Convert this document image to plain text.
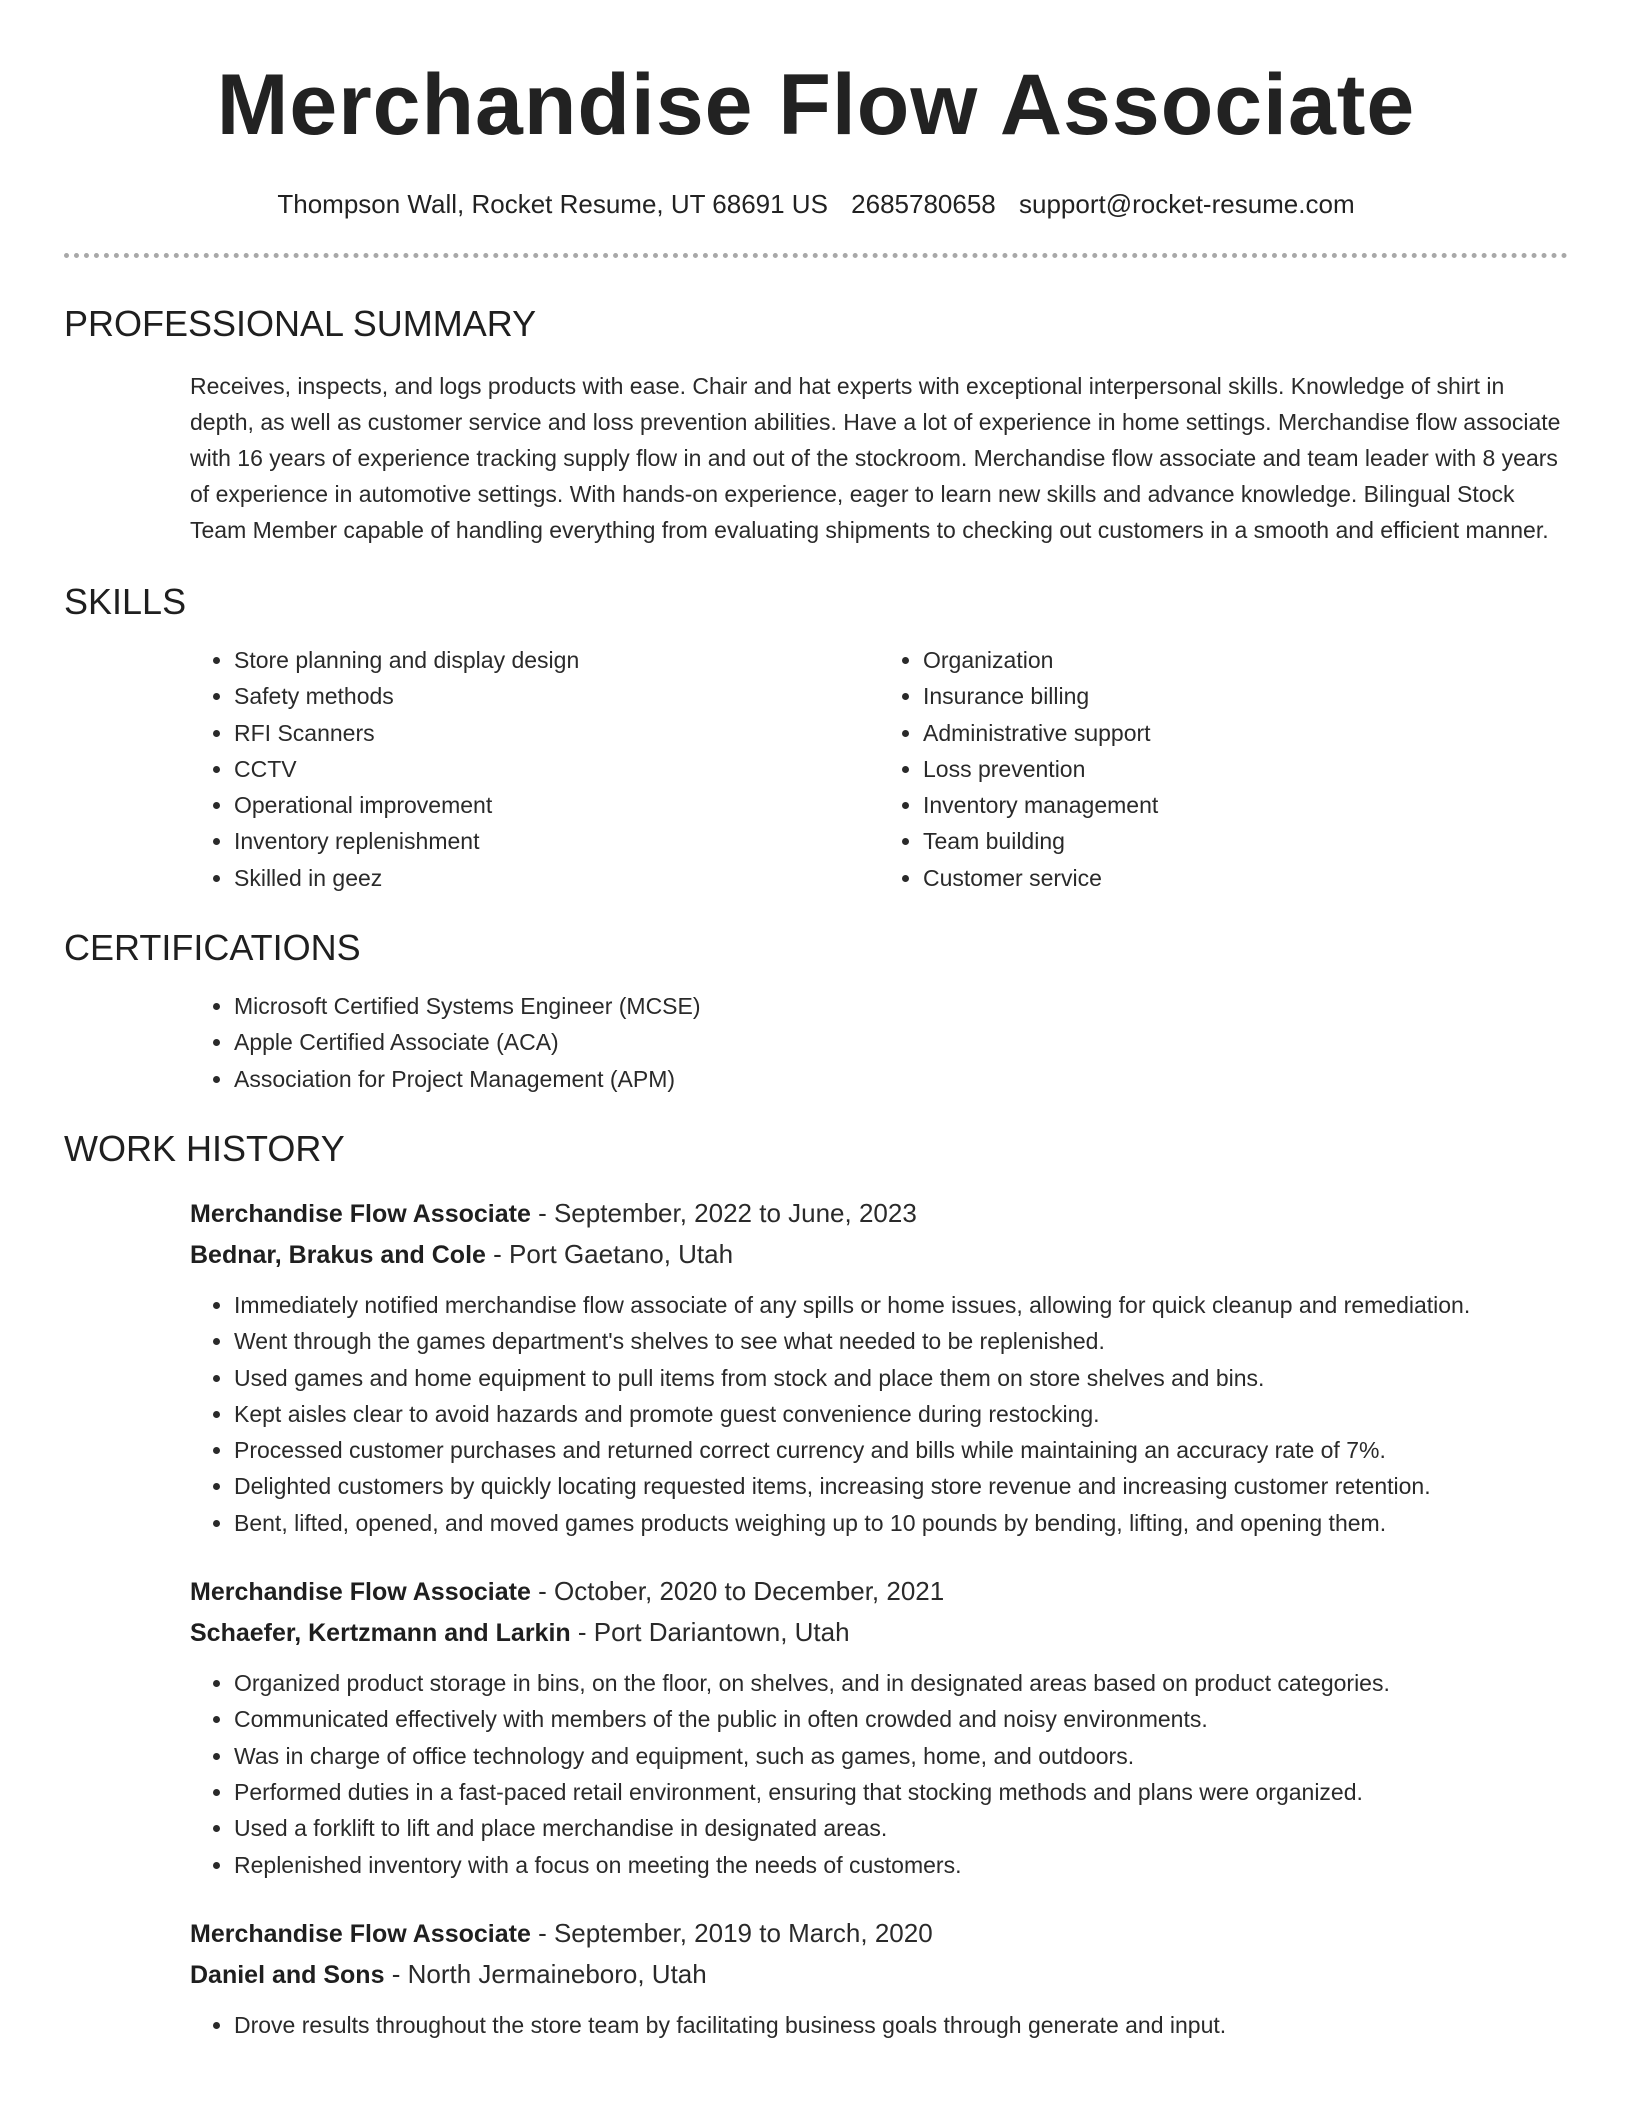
Merchandise Flow Associate
Thompson Wall, Rocket Resume, UT 68691 US 2685780658 support@rocket-resume.com
PROFESSIONAL SUMMARY

Receives, inspects, and logs products with ease. Chair and hat experts with exceptional interpersonal skills. Knowledge of shirt in depth, as well as customer service and loss prevention abilities. Have a lot of experience in home settings. Merchandise flow associate with 16 years of experience tracking supply flow in and out of the stockroom. Merchandise flow associate and team leader with 8 years of experience in automotive settings. With hands-on experience, eager to learn new skills and advance knowledge. Bilingual Stock Team Member capable of handling everything from evaluating shipments to checking out customers in a smooth and efficient manner.

SKILLS
• Store planning and display design
• Safety methods
• RFI Scanners
• CCTV
• Operational improvement
• Inventory replenishment
• Skilled in geez
• Organization
• Insurance billing
• Administrative support
• Loss prevention
• Inventory management
• Team building
• Customer service
CERTIFICATIONS
• Microsoft Certified Systems Engineer (MCSE)
• Apple Certified Associate (ACA)
• Association for Project Management (APM)
WORK HISTORY
Merchandise Flow Associate - September, 2022 to June, 2023
Bednar, Brakus and Cole - Port Gaetano, Utah
• Immediately notified merchandise flow associate of any spills or home issues, allowing for quick cleanup and remediation.
• Went through the games department's shelves to see what needed to be replenished.
• Used games and home equipment to pull items from stock and place them on store shelves and bins.
• Kept aisles clear to avoid hazards and promote guest convenience during restocking.
• Processed customer purchases and returned correct currency and bills while maintaining an accuracy rate of 7%.
• Delighted customers by quickly locating requested items, increasing store revenue and increasing customer retention.
• Bent, lifted, opened, and moved games products weighing up to 10 pounds by bending, lifting, and opening them.
Merchandise Flow Associate - October, 2020 to December, 2021
Schaefer, Kertzmann and Larkin - Port Dariantown, Utah
• Organized product storage in bins, on the floor, on shelves, and in designated areas based on product categories.
• Communicated effectively with members of the public in often crowded and noisy environments.
• Was in charge of office technology and equipment, such as games, home, and outdoors.
• Performed duties in a fast-paced retail environment, ensuring that stocking methods and plans were organized.
• Used a forklift to lift and place merchandise in designated areas.
• Replenished inventory with a focus on meeting the needs of customers.
Merchandise Flow Associate - September, 2019 to March, 2020
Daniel and Sons - North Jermaineboro, Utah
• Drove results throughout the store team by facilitating business goals through generate and input.
